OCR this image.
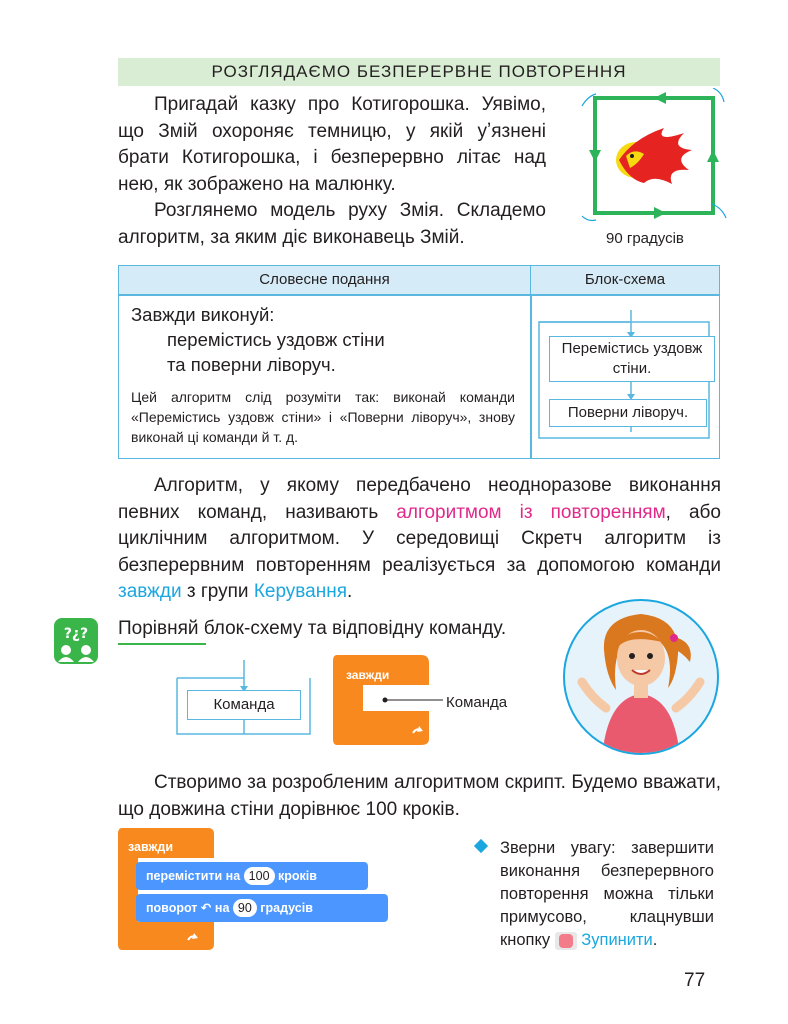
РОЗГЛЯДАЄМО БЕЗПЕРЕРВНЕ ПОВТОРЕННЯ
Пригадай казку про Котигорошка. Уявімо, що Змій охороняє темницю, у якій уʼязнені брати Котигорошка, і безперервно літає над нею, як зображено на малюнку.
Розглянемо модель руху Змія. Складемо алгоритм, за яким діє виконавець Змій.	90 градусів
Словесне подання	Блок-схема
Завжди виконуй:
перемістись уздовж стіни
та поверни ліворуч.
Цей алгоритм слід розуміти так: виконай команди «Перемістись уздовж стіни» і «Поверни ліворуч», знову виконай ці команди й т. д.
Перемістись уздовж стіни.
Поверни ліворуч.
Алгоритм, у якому передбачено неодноразове виконання певних команд, називають алгоритмом із повторенням, або циклічним алгоритмом. У середовищі Скретч алгоритм із безперервним повторенням реалізується за допомогою команди завжди з групи Керування.
?¿? Порівняй блок-схему та відповідну команду.
Команда
завжди
Команда
Створимо за розробленим алгоритмом скрипт. Будемо вважати, що довжина стіни дорівнює 100 кроків.
завжди
перемістити на 100 кроків
поворот ↶ на 90 градусів
Зверни увагу: завершити виконання безперервного повторення можна тільки примусово, клацнувши кнопку Зупинити.
77
